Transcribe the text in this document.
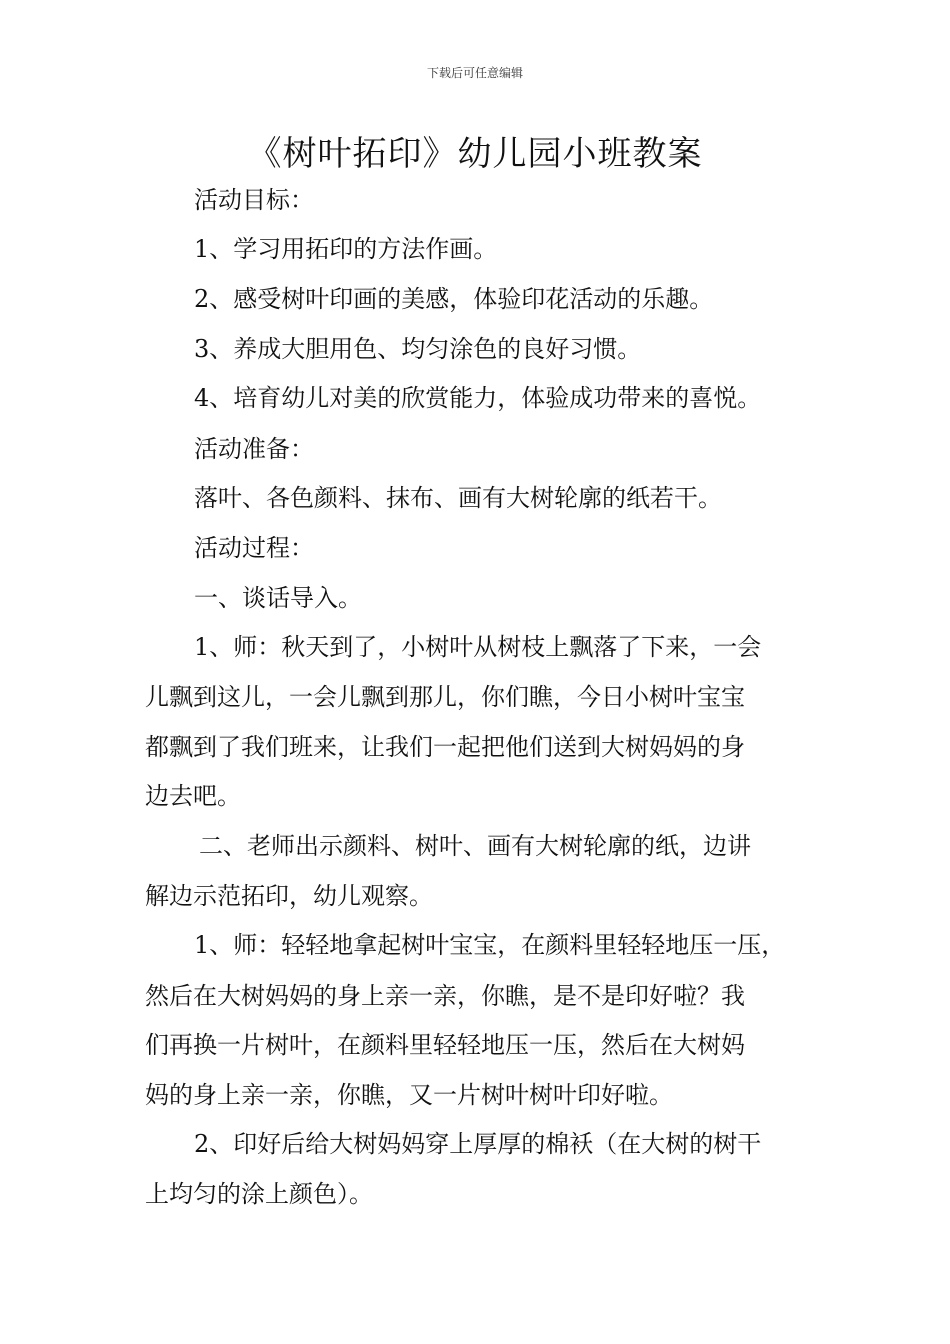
下载后可任意编辑
《树叶拓印》幼儿园小班教案
活动目标：
1、学习用拓印的方法作画。
2、感受树叶印画的美感，体验印花活动的乐趣。
3、养成大胆用色、均匀涂色的良好习惯。
4、培育幼儿对美的欣赏能力，体验成功带来的喜悦。
活动准备：
落叶、各色颜料、抹布、画有大树轮廓的纸若干。
活动过程：
一、谈话导入。
1、师：秋天到了，小树叶从树枝上飘落了下来，一会
儿飘到这儿，一会儿飘到那儿，你们瞧，今日小树叶宝宝
都飘到了我们班来，让我们一起把他们送到大树妈妈的身
边去吧。
二、老师出示颜料、树叶、画有大树轮廓的纸，边讲
解边示范拓印，幼儿观察。
1、师：轻轻地拿起树叶宝宝，在颜料里轻轻地压一压，
然后在大树妈妈的身上亲一亲，你瞧，是不是印好啦？我
们再换一片树叶，在颜料里轻轻地压一压，然后在大树妈
妈的身上亲一亲，你瞧，又一片树叶树叶印好啦。
2、印好后给大树妈妈穿上厚厚的棉袄（在大树的树干
上均匀的涂上颜色）。
